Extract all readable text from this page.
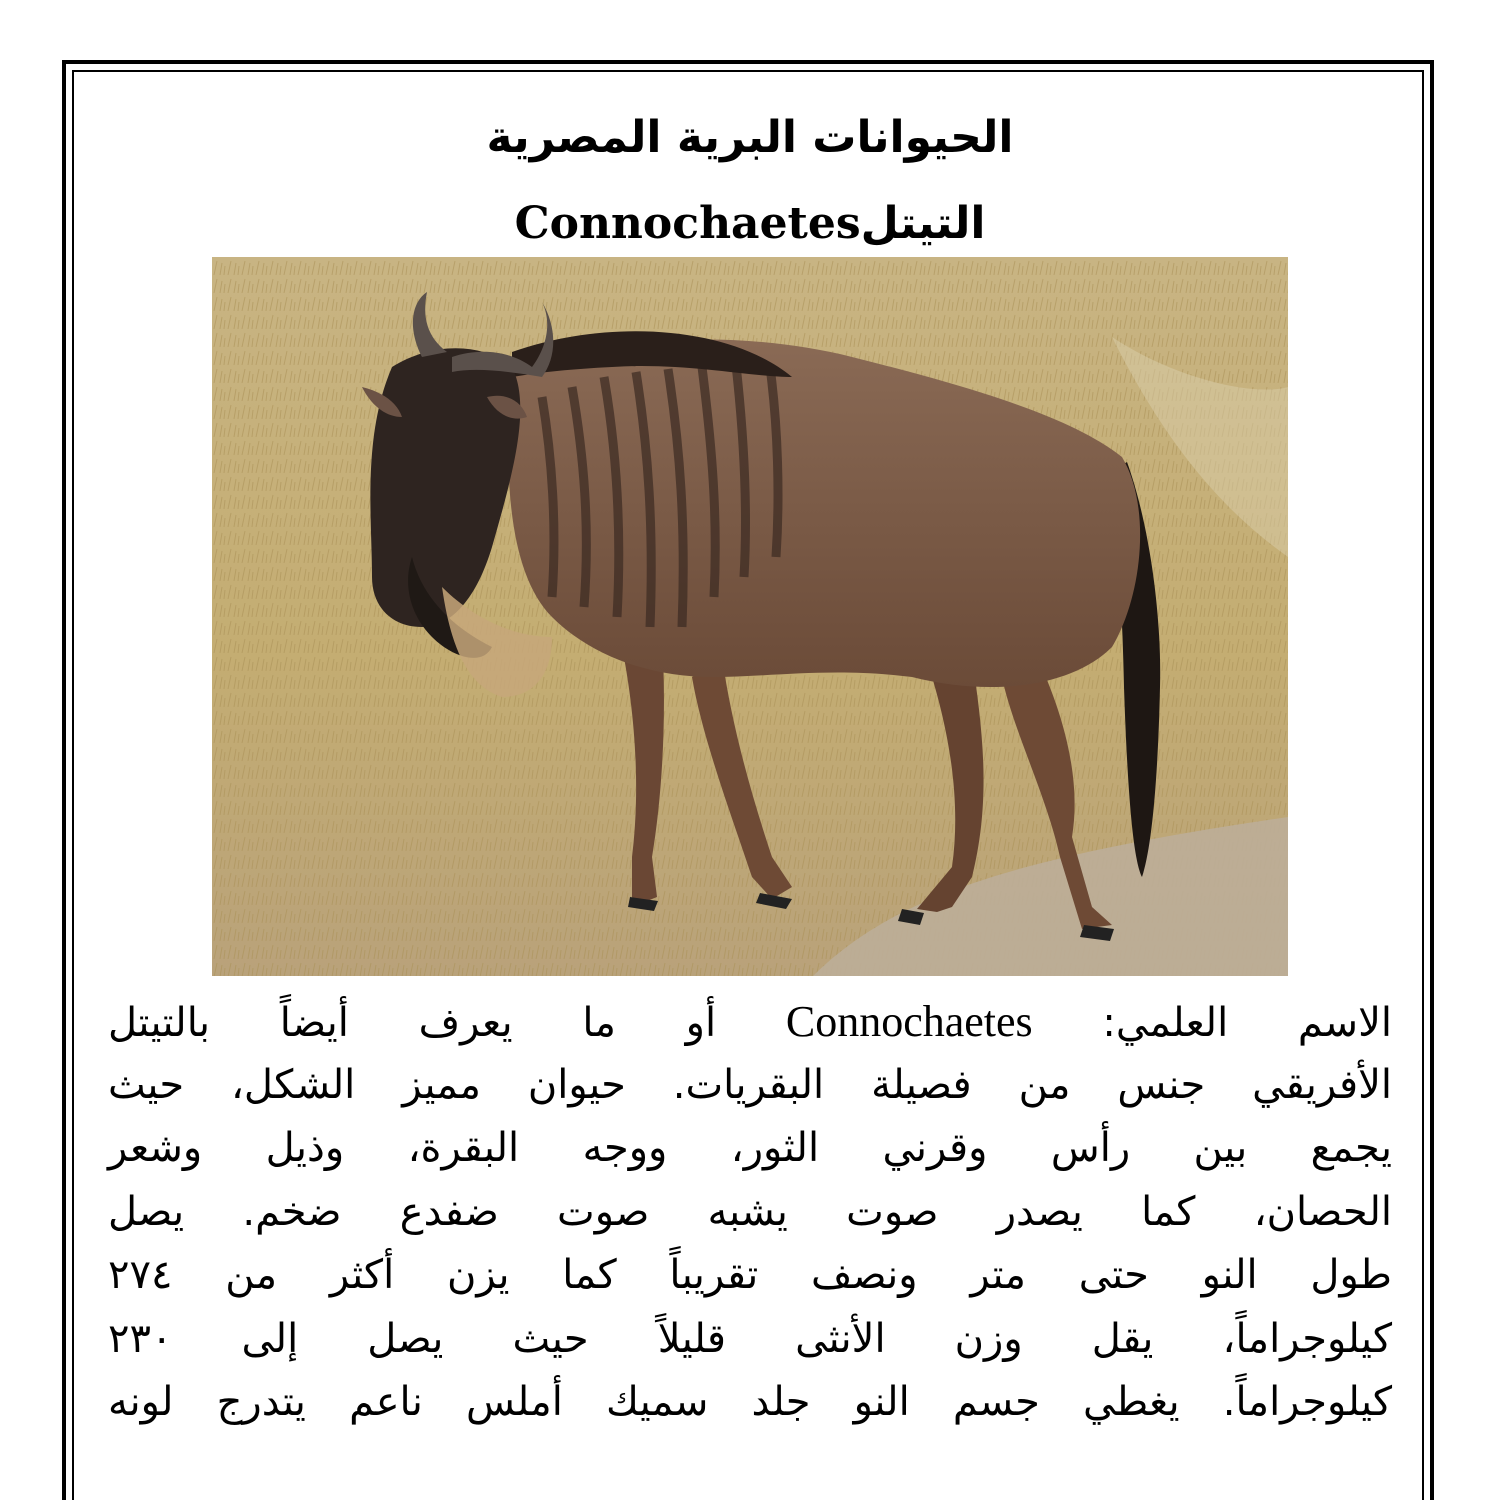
الحيوانات البرية المصرية
التيتلConnochaetes
الاسم العلمي: Connochaetes أو ما يعرف أيضاً بالتيتل
الأفريقي جنس من فصيلة البقريات. حيوان مميز الشكل، حيث
يجمع بين رأس وقرني الثور، ووجه البقرة، وذيل وشعر
الحصان، كما يصدر صوت يشبه صوت ضفدع ضخم. يصل
طول النو حتى متر ونصف تقريباً كما يزن أكثر من ٢٧٤
كيلوجراماً، يقل وزن الأنثى قليلاً حيث يصل إلى ٢٣٠
كيلوجراماً. يغطي جسم النو جلد سميك أملس ناعم يتدرج لونه
